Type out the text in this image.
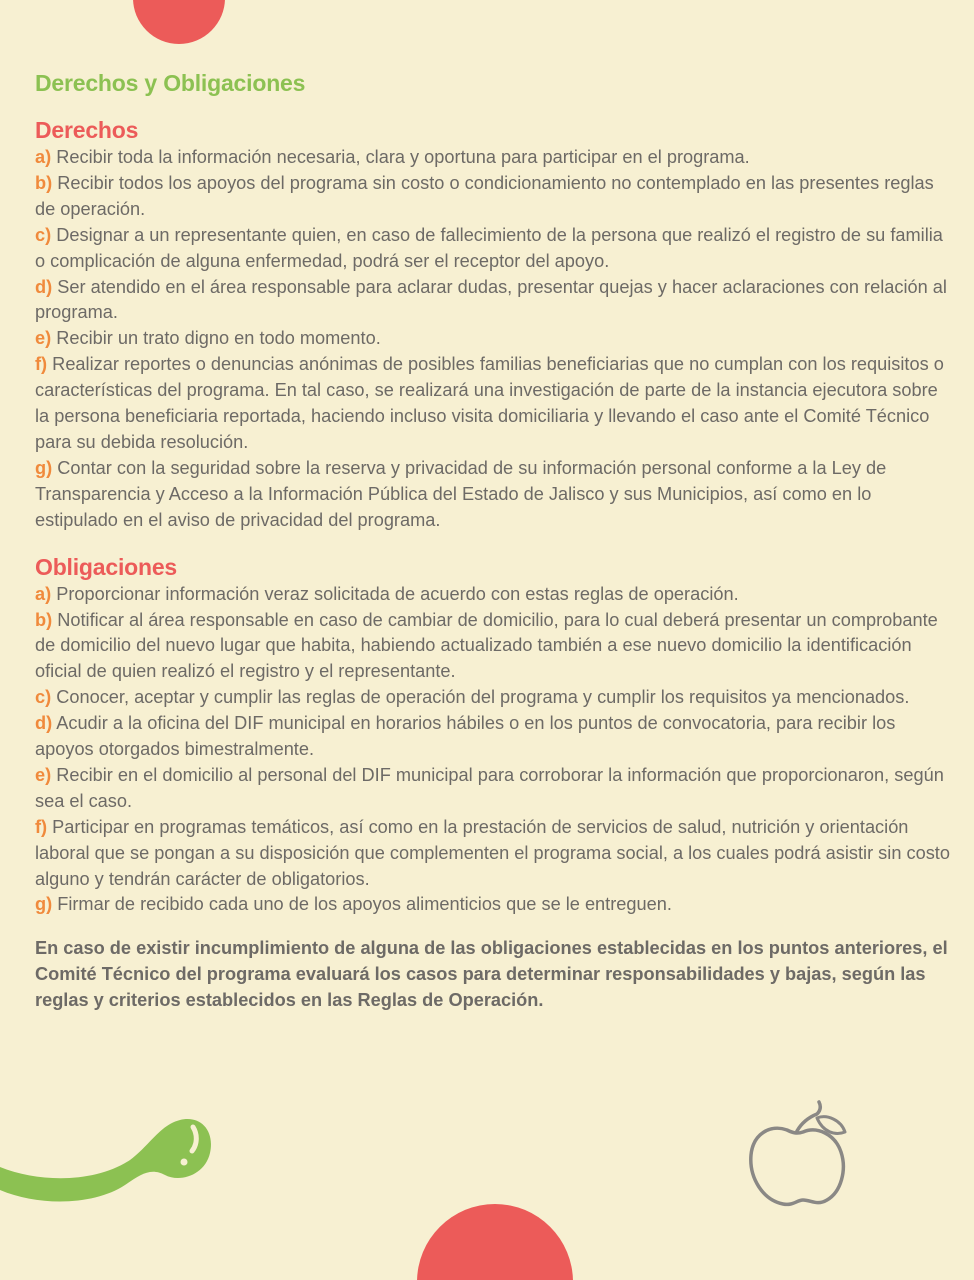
Derechos y Obligaciones
Derechos
a) Recibir toda la información necesaria, clara y oportuna para participar en el programa.
b) Recibir todos los apoyos del programa sin costo o condicionamiento no contemplado en las presentes reglas de operación.
c) Designar a un representante quien, en caso de fallecimiento de la persona que realizó el registro de su familia o complicación de alguna enfermedad, podrá ser el receptor del apoyo.
d) Ser atendido en el área responsable para aclarar dudas, presentar quejas y hacer aclaraciones con relación al programa.
e) Recibir un trato digno en todo momento.
f) Realizar reportes o denuncias anónimas de posibles familias beneficiarias que no cumplan con los requisitos o características del programa. En tal caso, se realizará una investigación de parte de la instancia ejecutora sobre la persona beneficiaria reportada, haciendo incluso visita domiciliaria y llevando el caso ante el Comité Técnico para su debida resolución.
g) Contar con la seguridad sobre la reserva y privacidad de su información personal conforme a la Ley de Transparencia y Acceso a la Información Pública del Estado de Jalisco y sus Municipios, así como en lo estipulado en el aviso de privacidad del programa.
Obligaciones
a) Proporcionar información veraz solicitada de acuerdo con estas reglas de operación.
b) Notificar al área responsable en caso de cambiar de domicilio, para lo cual deberá presentar un comprobante de domicilio del nuevo lugar que habita, habiendo actualizado también a ese nuevo domicilio la identificación oficial de quien realizó el registro y el representante.
c) Conocer, aceptar y cumplir las reglas de operación del programa y cumplir los requisitos ya mencionados.
d) Acudir a la oficina del DIF municipal en horarios hábiles o en los puntos de convocatoria, para recibir los apoyos otorgados bimestralmente.
e) Recibir en el domicilio al personal del DIF municipal para corroborar la información que proporcionaron, según sea el caso.
f) Participar en programas temáticos, así como en la prestación de servicios de salud, nutrición y orientación laboral que se pongan a su disposición que complementen el programa social, a los cuales podrá asistir sin costo alguno y tendrán carácter de obligatorios.
g) Firmar de recibido cada uno de los apoyos alimenticios que se le entreguen.

En caso de existir incumplimiento de alguna de las obligaciones establecidas en los puntos anteriores, el Comité Técnico del programa evaluará los casos para determinar responsabilidades y bajas, según las reglas y criterios establecidos en las Reglas de Operación.
